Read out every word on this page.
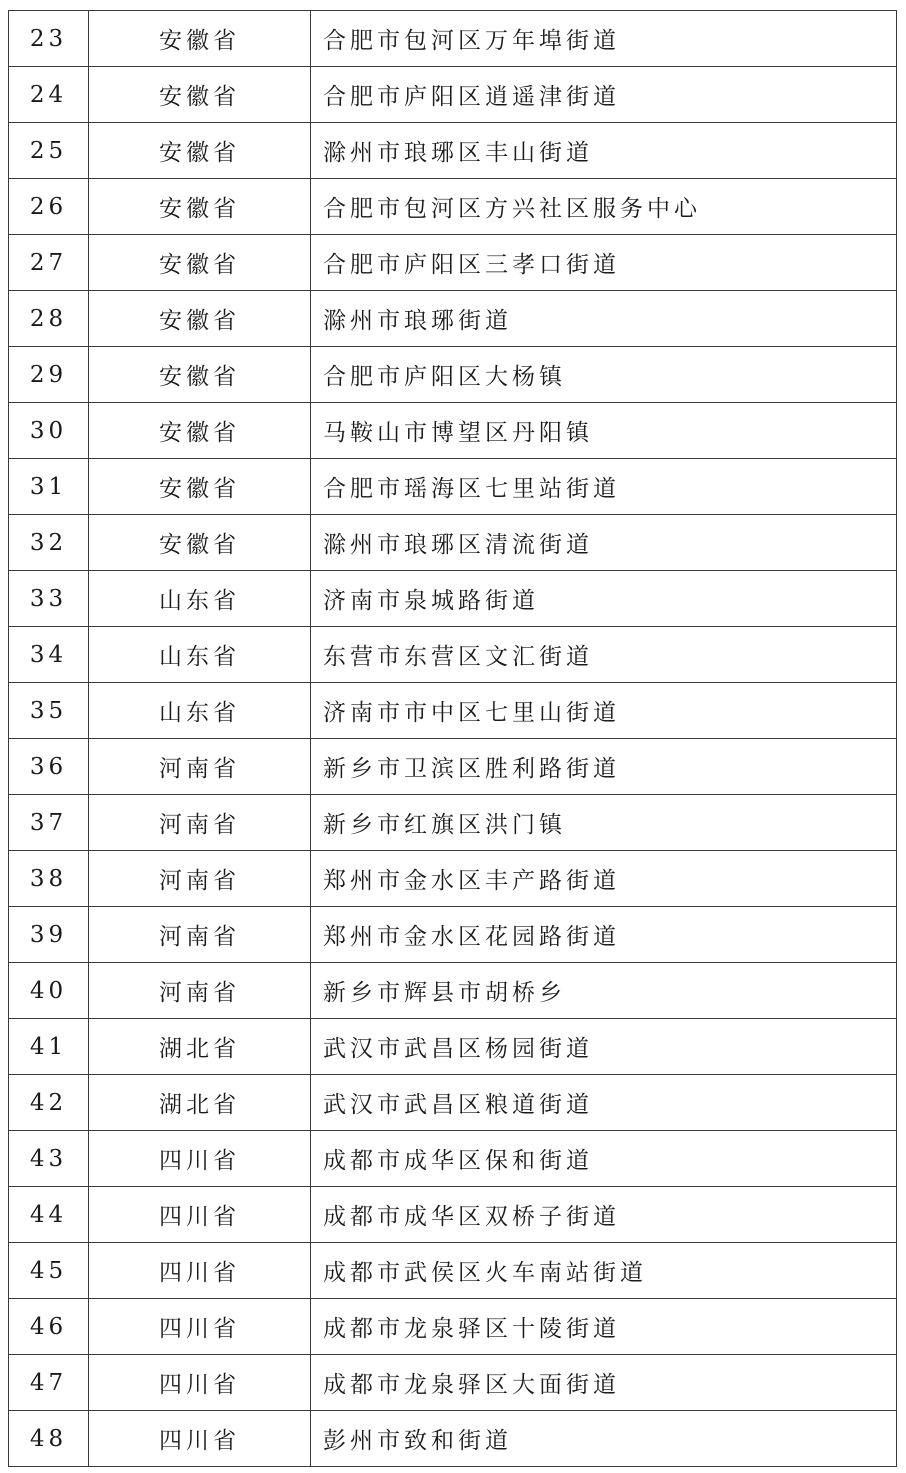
23	安徽省	合肥市包河区万年埠街道
24	安徽省	合肥市庐阳区逍遥津街道
25	安徽省	滁州市琅琊区丰山街道
26	安徽省	合肥市包河区方兴社区服务中心
27	安徽省	合肥市庐阳区三孝口街道
28	安徽省	滁州市琅琊街道
29	安徽省	合肥市庐阳区大杨镇
30	安徽省	马鞍山市博望区丹阳镇
31	安徽省	合肥市瑶海区七里站街道
32	安徽省	滁州市琅琊区清流街道
33	山东省	济南市泉城路街道
34	山东省	东营市东营区文汇街道
35	山东省	济南市市中区七里山街道
36	河南省	新乡市卫滨区胜利路街道
37	河南省	新乡市红旗区洪门镇
38	河南省	郑州市金水区丰产路街道
39	河南省	郑州市金水区花园路街道
40	河南省	新乡市辉县市胡桥乡
41	湖北省	武汉市武昌区杨园街道
42	湖北省	武汉市武昌区粮道街道
43	四川省	成都市成华区保和街道
44	四川省	成都市成华区双桥子街道
45	四川省	成都市武侯区火车南站街道
46	四川省	成都市龙泉驿区十陵街道
47	四川省	成都市龙泉驿区大面街道
48	四川省	彭州市致和街道
